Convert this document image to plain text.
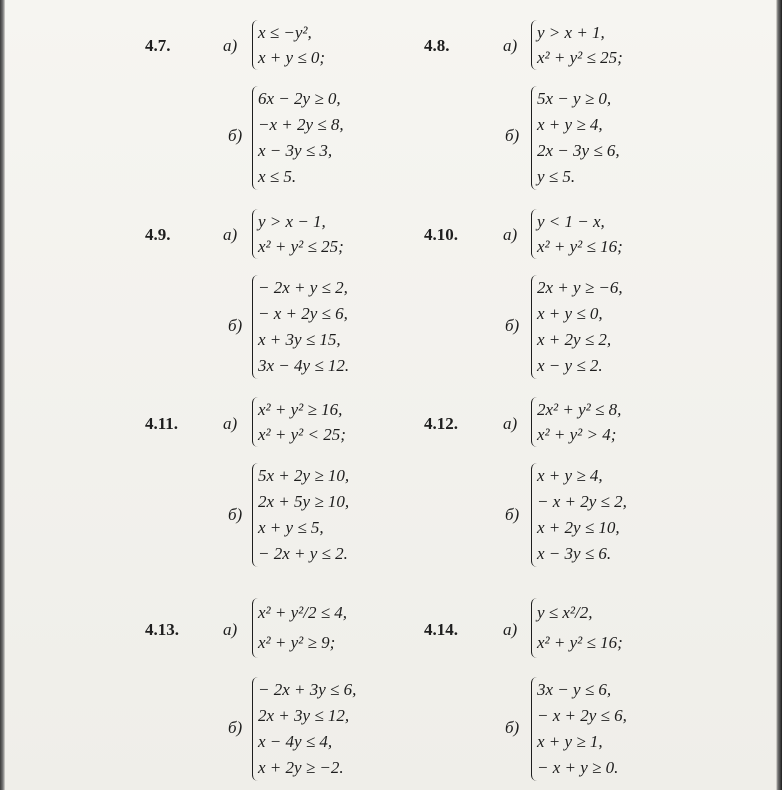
4.7.	а)
x ≤ −y²,
x + y ≤ 0;
б)
6x − 2y ≥ 0,
−x + 2y ≤ 8,
x − 3y ≤ 3,
x ≤ 5.
4.8.	а)
y > x + 1,
x² + y² ≤ 25;
б)
5x − y ≥ 0,
x + y ≥ 4,
2x − 3y ≤ 6,
y ≤ 5.
4.9.	а)
y > x − 1,
x² + y² ≤ 25;
б)
− 2x + y ≤ 2,
− x + 2y ≤ 6,
x + 3y ≤ 15,
3x − 4y ≤ 12.
4.10.	а)
y < 1 − x,
x² + y² ≤ 16;
б)
2x + y ≥ −6,
x + y ≤ 0,
x + 2y ≤ 2,
x − y ≤ 2.
4.11.	а)
x² + y² ≥ 16,
x² + y² < 25;
б)
5x + 2y ≥ 10,
2x + 5y ≥ 10,
x + y ≤ 5,
− 2x + y ≤ 2.
4.12.	а)
2x² + y² ≤ 8,
x² + y² > 4;
б)
x + y ≥ 4,
− x + 2y ≤ 2,
x + 2y ≤ 10,
x − 3y ≤ 6.
4.13.	а)
x² + y²/2 ≤ 4,
x² + y² ≥ 9;
б)
− 2x + 3y ≤ 6,
2x + 3y ≤ 12,
x − 4y ≤ 4,
x + 2y ≥ −2.
4.14.	а)
y ≤ x²/2,
x² + y² ≤ 16;
б)
3x − y ≤ 6,
− x + 2y ≤ 6,
x + y ≥ 1,
− x + y ≥ 0.
